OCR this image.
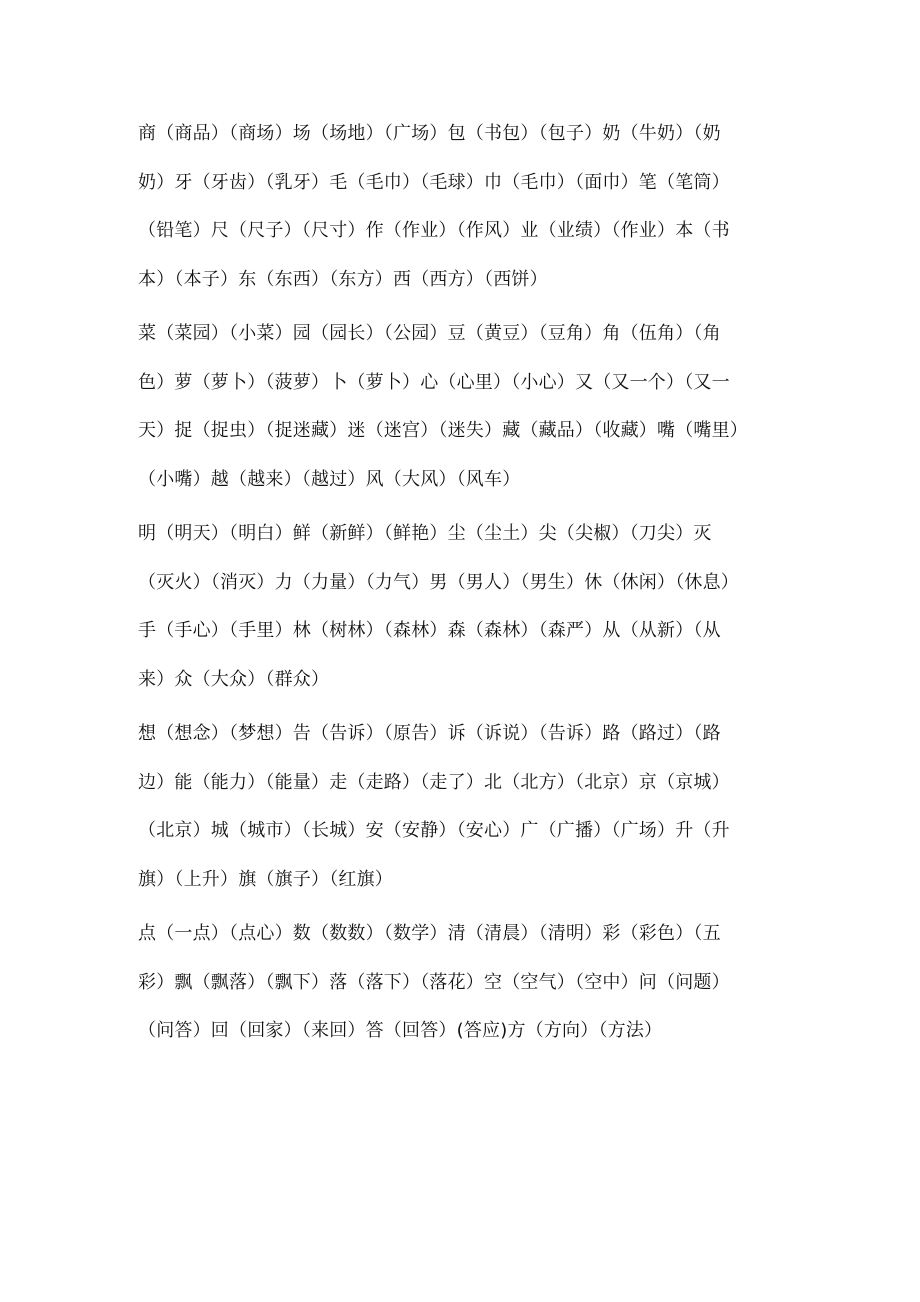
商（商品）（商场）场（场地）（广场）包（书包）（包子）奶（牛奶）（奶
奶）牙（牙齿）（乳牙）毛（毛巾）（毛球）巾（毛巾）（面巾）笔（笔筒）
（铅笔）尺（尺子）（尺寸）作（作业）（作风）业（业绩）（作业）本（书
本）（本子）东（东西）（东方）西（西方）（西饼）
菜（菜园）（小菜）园（园长）（公园）豆（黄豆）（豆角）角（伍角）（角
色）萝（萝卜）（菠萝）卜（萝卜）心（心里）（小心）又（又一个）（又一
天）捉（捉虫）（捉迷藏）迷（迷宫）（迷失）藏（藏品）（收藏）嘴（嘴里）
（小嘴）越（越来）（越过）风（大风）（风车）
明（明天）（明白）鲜（新鲜）（鲜艳）尘（尘土）尖（尖椒）（刀尖）灭
（灭火）（消灭）力（力量）（力气）男（男人）（男生）休（休闲）（休息）
手（手心）（手里）林（树林）（森林）森（森林）（森严）从（从新）（从
来）众（大众）（群众）
想（想念）（梦想）告（告诉）（原告）诉（诉说）（告诉）路（路过）（路
边）能（能力）（能量）走（走路）（走了）北（北方）（北京）京（京城）
（北京）城（城市）（长城）安（安静）（安心）广（广播）（广场）升（升
旗）（上升）旗（旗子）（红旗）
点（一点）（点心）数（数数）（数学）清（清晨）（清明）彩（彩色）（五
彩）飘（飘落）（飘下）落（落下）（落花）空（空气）（空中）问（问题）
（问答）回（回家）（来回）答（回答）(答应)方（方向）（方法）
